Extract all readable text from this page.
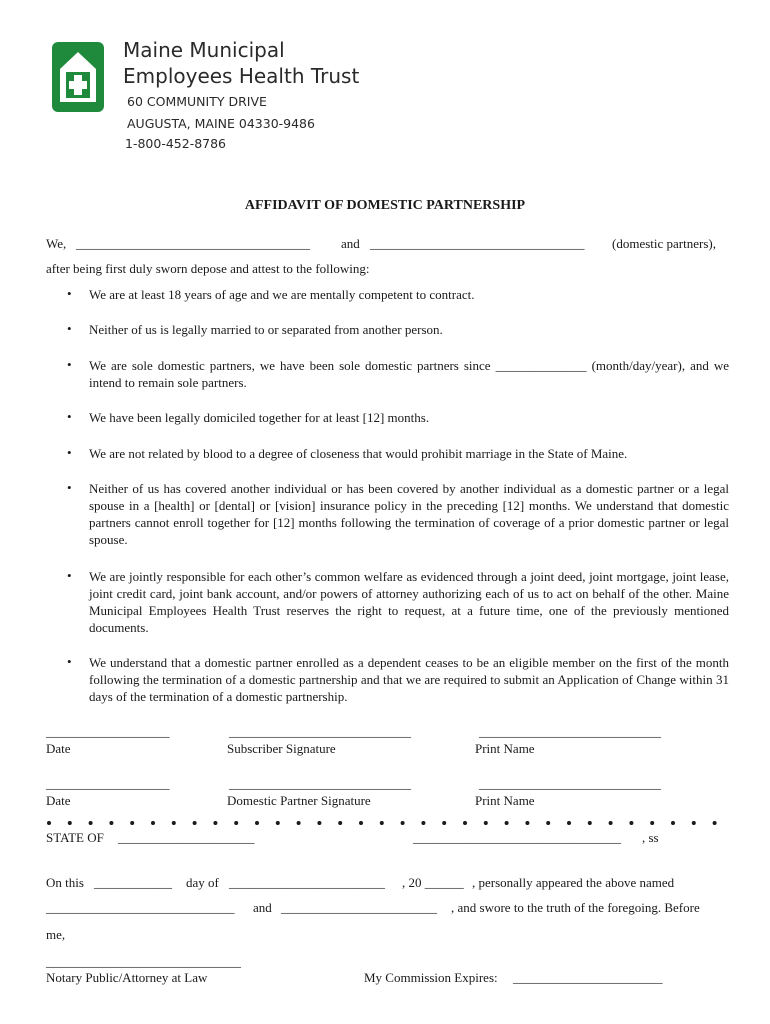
Maine Municipal
Employees Health Trust
60 COMMUNITY DRIVE
AUGUSTA, MAINE 04330-9486
1-800-452-8786
AFFIDAVIT OF DOMESTIC PARTNERSHIP
We, ____________________________________ and _________________________________ (domestic partners),
after being first duly sworn depose and attest to the following:
• We are at least 18 years of age and we are mentally competent to contract.
• Neither of us is legally married to or separated from another person.
• We are sole domestic partners, we have been sole domestic partners since ______________ (month/day/year), and we intend to remain sole partners.
• We have been legally domiciled together for at least [12] months.
• We are not related by blood to a degree of closeness that would prohibit marriage in the State of Maine.
• Neither of us has covered another individual or has been covered by another individual as a domestic partner or a legal spouse in a [health] or [dental] or [vision] insurance policy in the preceding [12] months. We understand that domestic partners cannot enroll together for [12] months following the termination of coverage of a prior domestic partner or legal spouse.
• We are jointly responsible for each other’s common welfare as evidenced through a joint deed, joint mortgage, joint lease, joint credit card, joint bank account, and/or powers of attorney authorizing each of us to act on behalf of the other. Maine Municipal Employees Health Trust reserves the right to request, at a future time, one of the previously mentioned documents.
• We understand that a domestic partner enrolled as a dependent ceases to be an eligible member on the first of the month following the termination of a domestic partnership and that we are required to submit an Application of Change within 31 days of the termination of a domestic partnership.
___________________	____________________________	____________________________
Date	Subscriber Signature	Print Name
___________________	____________________________	____________________________
Date	Domestic Partner Signature	Print Name
STATE OF _____________________	________________________________ , ss
On this ____________ day of ________________________ , 20 ______ , personally appeared the above named
_____________________________ and ________________________ , and swore to the truth of the foregoing. Before
me,
______________________________
Notary Public/Attorney at Law	My Commission Expires: _______________________
